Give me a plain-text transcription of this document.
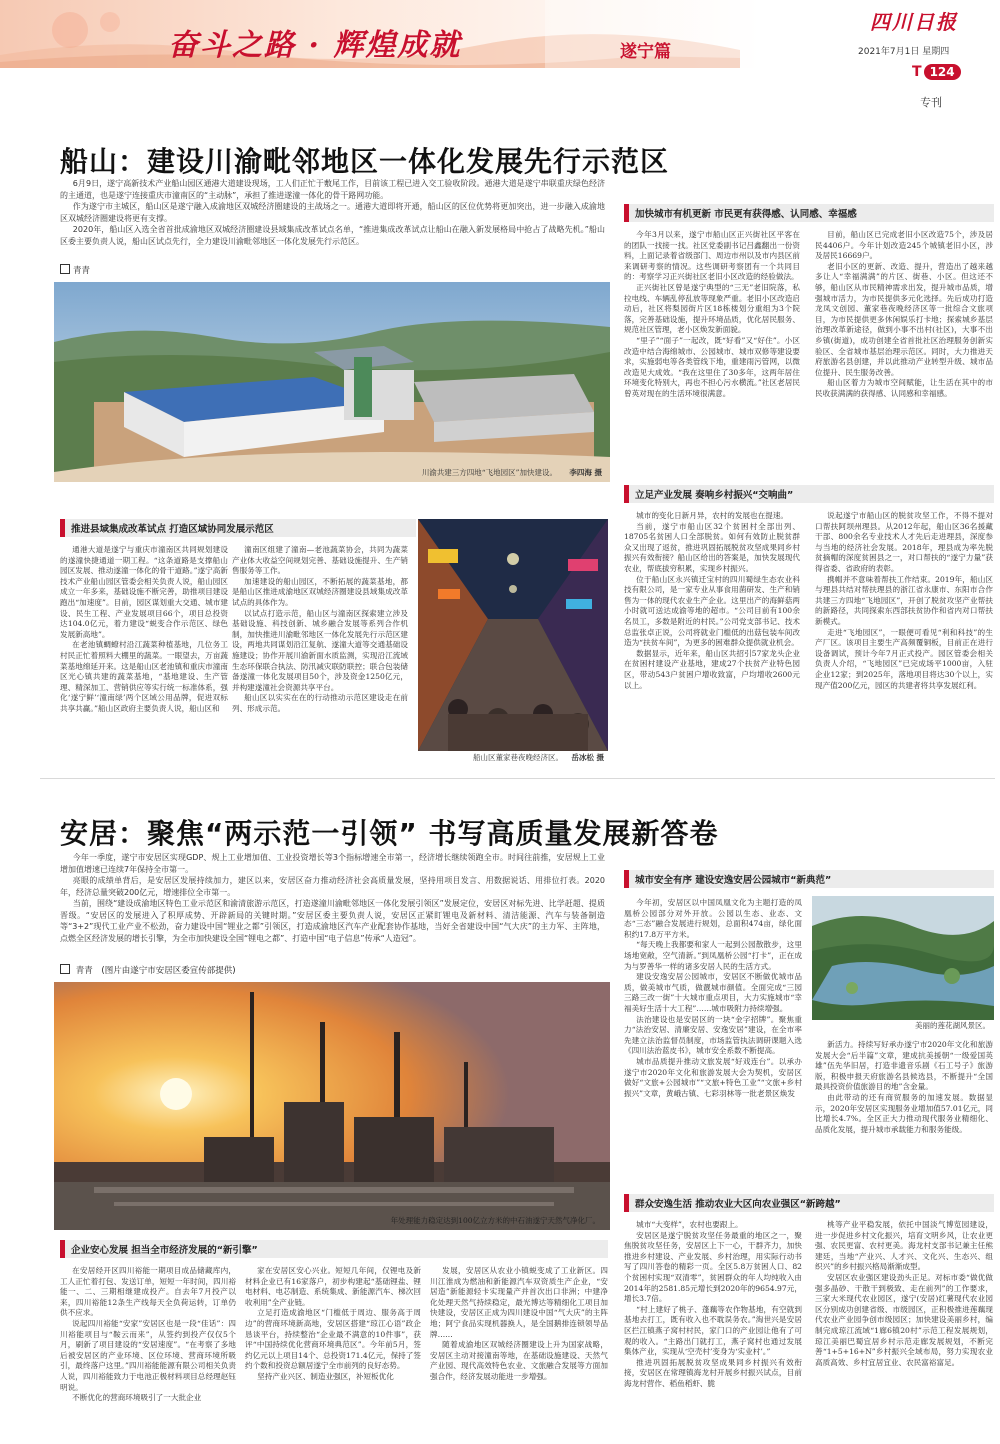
奋斗之路 · 辉煌成就	遂宁篇
四川日报
2021年7月1日 星期四
T 124
专刊
船山：建设川渝毗邻地区一体化发展先行示范区

6月9日，遂宁高新技术产业船山园区通港大道建设现场，工人们正忙于敷尾工作，目前该工程已进入交工验收阶段。通港大道是遂宁串联重庆绿色经济的主通道，也是遂宁连接重庆市潼南区的“主动脉”，承担了推进遂潼一体化的骨干路网功能。

作为遂宁市主城区，船山区是遂宁融入成渝地区双城经济圈建设的主战场之一。通港大道即将开通，船山区的区位优势将更加突出，进一步融入成渝地区双城经济圈建设将更有支撑。

2020年，船山区入选全省首批成渝地区双城经济圈建设县域集成改革试点名单，“推进集成改革试点让船山在融入新发展格局中抢占了战略先机。”船山区委主要负责人说，船山区试点先行，全力建设川渝毗邻地区一体化发展先行示范区。

青青
川渝共建三方四地“飞地园区”加快建设。 李四海 摄
推进县域集成改革试点 打造区域协同发展示范区

通港大道是遂宁与重庆市潼南区共同规划建设的遂潼快捷通道一期工程。“这条道路是支撑船山园区发展、推动遂潼一体化的骨干道路。”遂宁高新技术产业船山园区管委会相关负责人说，船山园区成立一年多来，基础设施不断完善，助推项目建设跑出“加速度”。目前，园区谋划重大交通、城市建设、民生工程、产业发展项目66个，项目总投资达104.0亿元，着力建设“蜕变合作示范区、绿色发展新高地”。

在老池镇蜩蟟村沿江蔬菜种植基地，几位务工村民正忙着照料大棚里的蔬菜。一眼望去，万亩蔬菜基地绵延开来。这是船山区老池镇和重庆市潼南区光心镇共建的蔬菜基地，“基地建设、生产管理、精深加工、营销供应等实行统一标准体系，强化‘遂宁鲜’‘潼南绿’两个区域公用品牌，促进双标共享共赢。”船山区政府主要负责人说，船山区和

潼南区组建了潼南—老池蔬菜协会，共同为蔬菜产业体大收益空间规划完善、基础设施提升、生产销售服务等工作。

加速建设的船山园区，不断拓展的蔬菜基地，都是船山区推进成渝地区双城经济圈建设县域集成改革试点的具体作为。

以试点打造示范，船山区与潼南区探索建立涉及基础设施、科技创新、城乡融合发展等系列合作机制，加快推进川渝毗邻地区一体化发展先行示范区建设，两地共同谋划沿江复航、遂潼大道等交通基础设施建设；协作开展川渝新面水质监测，实现沿江流域生态环保联合执法、防汛减灾联防联控；联合包装储备遂潼一体化发展项目50个，涉及资金1250亿元，并构建遂潼社会资源共享平台。

船山区以实实在在的行动推动示范区建设走在前列、形成示范。

船山区董家巷夜晚经济区。 岳冰松 摄
加快城市有机更新 市民更有获得感、认同感、幸福感

今年3月以来，遂宁市船山区正兴街社区平客在的团队一找接一找。社区党委副书记吕鑫翻出一份资料，上面记录着省级部门、周边市州以及市内县区前来调研考察的情况。这些调研考察团有一个共同目的：考察学习正兴街社区老旧小区改造的经验做法。

正兴街社区曾是遂宁典型的“三无”老旧院落，私拉电线、车辆乱停乱放等现象严重。老旧小区改造启动后，社区将梨园街片区18栋楼划分重组为3个院落，完善基础设施，提升环境品质，优化居民服务、规范社区管理，老小区焕发新面貌。

“里子”“面子”一起改，既“好看”又“好住”。小区改造中结合海绵城市、公园城市、城市双修等建设要求，实施弱电等各类管线下地，重建雨污管网，以微改造见大成效。“我在这里住了30多年，这两年居住环境变化特别大，再也不担心污水横流。”社区老居民曾英对现在的生活环境很满意。

目前，船山区已完成老旧小区改造75个，涉及居民4406户。今年计划改造245个城镇老旧小区，涉及居民16669户。

老旧小区的更新、改造、提升，营造出了越来越多让人“幸福满满”的片区、街巷、小区。但这还不够，船山区从市民精神需求出发，提升城市品质，增强城市活力，为市民提供多元化选择。先后成功打造龙凤文创园、董家巷夜晚经济区等一批综合文旅项目，为市民提供更多休闲娱乐打卡地；探索城乡基层治理改革新途径，做到小事不出村(社区)，大事不出乡镇(街道)，成功创建全省首批社区治理服务创新实验区、全省城市基层治理示范区。同时，大力推进天府旅游名县创建，并以此推动产业转型升级、城市品位提升、民生服务改善。

船山区着力为城市空间赋能，让生活在其中的市民收获满满的获得感、认同感和幸福感。

立足产业发展 奏响乡村振兴“交响曲”

城市的变化日新月异，农村的发展也在提速。

当前，遂宁市船山区32个贫困村全部出列、18705名贫困人口全部脱贫。如何有效防止脱贫群众又出现了返贫，推进巩固拓展脱贫攻坚成果同乡村振兴有效衔接？船山区给出的答案是，加快发展现代农业，帮底拔穷积累，实现乡村振兴。

位于船山区永兴镇迁宝村的四川蜀绿生态农业科技有限公司，是一家专业从事食用菌研发、生产和销售为一体的现代农业生产企业。这里出产的海鲜菇两小时就可送达成渝等地的超市。“公司目前有100余名员工，多数是附近的村民。”公司党支部书记、技术总监张卓正说，公司将就业门槛低的出菇包装车间改造为“扶贫车间”，为更多的困难群众提供就业机会。

数据显示，近年来，船山区共招引57家龙头企业在贫困村建设产业基地，建成27个扶贫产业特色园区，带动543户贫困户增收致富，户均增收2600元以上。

说起遂宁市船山区的脱贫攻坚工作，不得不提对口帮扶阿坝州理县。从2012年起，船山区36名援藏干部、800余名专业技术人才先后走进理县，深度参与当地的经济社会发展。2018年，理县成为率先脱贫摘帽的深度贫困县之一，对口帮扶的“遂宁力量”获得省委、省政府的表彰。

携帽并不意味着帮扶工作结束。2019年，船山区与理县共结对帮扶理县的浙江省永康市、东阳市合作共建三方四地“飞地园区”，开创了脱贫攻坚产业帮扶的新路径，共同探索东西部扶贫协作和省内对口帮扶新模式。

走进“飞地园区”，一眼便可看见“利和科技”的生产厂区。该项目主要生产高频覆铜板，目前正在进行设备调试，预计今年7月正式投产。园区管委会相关负责人介绍，“飞地园区”已完成场平1000亩，入驻企业12家；到2025年，落地项目将达30个以上，实现产值200亿元，园区的共建者将共享发展红利。

安居：聚焦“两示范一引领” 书写高质量发展新答卷

今年一季度，遂宁市安居区实现GDP、规上工业增加值、工业投资增长等3个指标增速全市第一，经济增长继续领跑全市。时间往前推，安居规上工业增加值增速已连续7年保持全市第一。

亮眼的成绩单背后，是安居区发展持续加力，建区以来，安居区奋力推动经济社会高质量发展，坚持用项目发言、用数据说话、用排位打表。2020年，经济总量突破200亿元，增速排位全市第一。

当前，围绕“建设成渝地区特色工业示范区和渝清旅游示范区，打造遂潼川渝毗邻地区一体化发展引领区”发展定位，安居区对标先进、比学赶超、提质晋级。“安居区的发展进入了积厚成势、开辟新局的关键时期。”安居区委主要负责人说，安居区正紧盯锂电及新材料、清洁能源、汽车与装备制造等“3+2”现代工业产业不松劲，奋力建设中国“锂业之都”引领区，打造成渝地区汽车产业配套协作基地，当好全省建设中国“气大庆”的主力军、主阵地，点燃全区经济发展的增长引擎，为全市加快建设全国“锂电之都”、打造中国“电子信息”传承“人造冠”。

青青 (图片由遂宁市安居区委宣传部提供)
年处理能力稳定达到100亿立方米的中石油遂宁天然气净化厂。
企业安心发展 担当全市经济发展的“新引擎”

在安居经开区四川裕能一期项目成品储藏库内，工人正忙着打包、发送订单，短短一年时间，四川裕能一、二、三期相继建成投产。自去年7月投产以来，四川裕能12条生产线每天全负荷运转，订单仍供不应求。

说起四川裕能“安家”安居区也是一段“佳话”：四川裕能项目与“鞍云而来”，从签约到投产仅仅5个月，刷新了项目建设的“安居速度”。“在考察了多地后被安居区的产业环境、区位环境、营商环境所吸引，最终落户这里。”四川裕能能源有限公司相关负责人说，四川裕能致力于电池正极材料项目总经理赵钰明说。

不断优化的营商环境吸引了一大批企业

家在安居区安心兴业。短短几年间，仅锂电及新材料企业已有16家落户，初步构建起“基础锂盐、锂电材料、电芯制造、系统集成、新能源汽车、梯次回收利用”全产业链。

立足打造成渝地区“门槛低于周边、服务高于周边”的营商环境新高地，安居区搭建“琼江心语”政企恳谈平台，持续整治“企业最不满意的10件事”，获评“中国持续优化营商环境典范区”。今年前5月，签约亿元以上项目14个、总投资171.4亿元，保持了签约个数和投资总额居遂宁全市前列的良好态势。

坚持产业兴区、制造业强区，补短板优化

发展，安居区从农业小镇蜕变成了工业新区。四川江淮成为燃油和新能源汽车双资质生产企业，“安居造”新能源轻卡实现量产并首次出口非洲；中建净化处理天然气持续稳定，最光博达等精细化工项目加快建设，安居区正成为四川建设中国“气大庆”的主阵地；阿宁食品实现机器换人，是全国鹅排连锁领导品牌……

随着成渝地区双城经济圈建设上升为国家战略，安居区主动对接潼南等地，在基础设施建设、天然气产业园、现代高效特色农业、文旅融合发展等方面加强合作，经济发展动能进一步增强。

城市安全有序 建设安逸安居公园城市“新典范”

今年初，安居区以中国凤凰文化为主题打造的凤凰桥公园部分对外开放。公园以生态、业态、文态“三态”融合发展进行规划，总面积474亩，绿化面积约17.8万平方米。

“每天晚上我都要和家人一起到公园散散步，这里场地宽敞，空气清新。”到凤凰桥公园“打卡”，正在成为与罗善华一样的诸多安居人民的生活方式。

建设安逸安居公园城市，安居区不断做优城市品质，做美城市气质，做靓城市颜值。全面完成“三园三路三改一街”十大城市重点项目，大力实施城市“幸福美好生活十大工程”……城市吸附力持续增强。

法治建设也是安居区的一块“金字招牌”。聚焦重力“法治安居、清廉安居、安逸安居”建设，在全市率先建立法治监督员制度，市场监管执法调研课题入选《四川法治蓝皮书》，城市安全系数不断提高。

城市品质提升推动文旅发展“好戏连台”。以承办遂宁市2020年文化和旅游发展大会为契机，安居区做好“文旅+公园城市”“文旅+特色工业”“文旅+乡村振兴”文章，黄峨古镇、七彩羽林等一批老景区焕发

美丽的莲花湖风景区。

新活力。持续写好承办遂宁市2020年文化和旅游发展大会“后半篇”文章，建成抗美援朝“一级爱国英雄”伍先华旧居，打造非遗音乐剧《石工号子》旅游版，积极申报天府旅游名县候选县，不断提升“全国最具投资价值旅游目的地”含金量。

由此带动的还有商贸服务的加速发展。数据显示，2020年安居区实现服务业增加值57.01亿元，同比增长4.7%。全区正大力推动现代服务业精细化、品质化发展，提升城市承载能力和服务能级。

群众安逸生活 推动农业大区向农业强区“新跨越”

城市“大变样”，农村也要跟上。

安居区是遂宁脱贫攻坚任务最重的地区之一，聚焦脱贫攻坚任务，安居区上下一心，干群齐力，加快推进乡村建设、产业发展、乡村治理，用实际行动书写了四川答卷的精彩一页。全区5.8万贫困人口、82个贫困村实现“双清零”，贫困群众的年人均纯收入由2014年的2581.85元增长到2020年的9654.97元，增长3.7倍。

“村上建好了桃子、蓬藕等农作物基地，有空就到基地去打工，既有收入也不耽误务农。”淘世兴是安居区拦江镇燕子窝村村民，家门口的产业园让他有了可观的收入。“主路出门就打工，燕子窝村也通过发展集体产业，实现从‘空壳村’变身为‘实业村’。”

推进巩固拓展脱贫攻坚成果同乡村振兴有效衔接，安居区在常理镇海龙村开展乡村振兴试点，目前海龙村营作、稻鱼稻虾、脆

桃等产业平稳发展，依托中国淡气博览园建设，进一步促进乡村文化振兴，培育文明乡风，让农业更强、农民更富、农村更美。海龙村支部书记兼主任熊建廷，当地“产业兴、人才兴、文化兴、生态兴、组织兴”的乡村振兴格局渐渐成型。

安居区农业强区建设劲头正足。对标市委“做优做强多晶砂、干散干到极致、走在前列”的工作要求，三家大米现代农业园区，遂宁(安居)红薯现代农业园区分别成功创建省级、市级园区，正积极推进莲藕现代农业产业园争创市级园区；加快建设美丽乡村，编制完成琼江流域“1廊6镇20村”示范工程发展规划，琼江美丽巴蜀宜居乡村示范走廊发展规划，不断完善“1+5+16+N”乡村振兴全域布局，努力实现农业高质高效、乡村宜居宜业、农民富裕富足。
